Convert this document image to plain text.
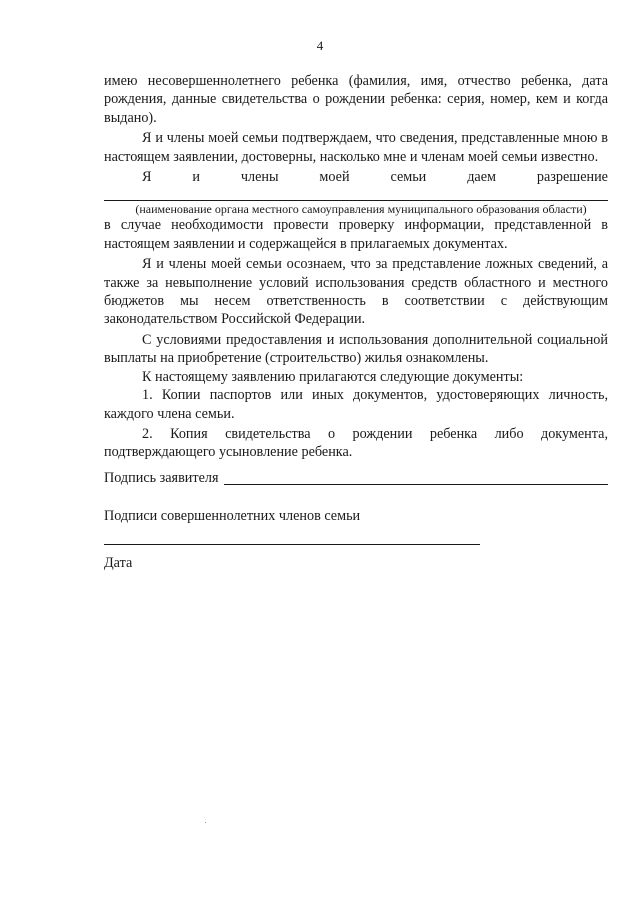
4

имею несовершеннолетнего ребенка (фамилия, имя, отчество ребенка, дата рождения, данные свидетельства о рождении ребенка: серия, номер, кем и когда выдано).

Я и члены моей семьи подтверждаем, что сведения, представленные мною в настоящем заявлении, достоверны, насколько мне и членам моей семьи известно.

Я	и	члены	моей	семьи	даем	разрешение
(наименование органа местного самоуправления муниципального образования области)

в случае необходимости провести проверку информации, представленной в настоящем заявлении и содержащейся в прилагаемых документах.

Я и члены моей семьи осознаем, что за представление ложных сведений, а также за невыполнение условий использования средств областного и местного бюджетов мы несем ответственность в соответствии с действующим законодательством Российской Федерации.

С условиями предоставления и использования дополнительной социальной выплаты на приобретение (строительство) жилья ознакомлены.

К настоящему заявлению прилагаются следующие документы:

1. Копии паспортов или иных документов, удостоверяющих личность, каждого члена семьи.

2. Копия свидетельства о рождении ребенка либо документа, подтверждающего усыновление ребенка.

Подпись заявителя
Подписи совершеннолетних членов семьи
Дата
